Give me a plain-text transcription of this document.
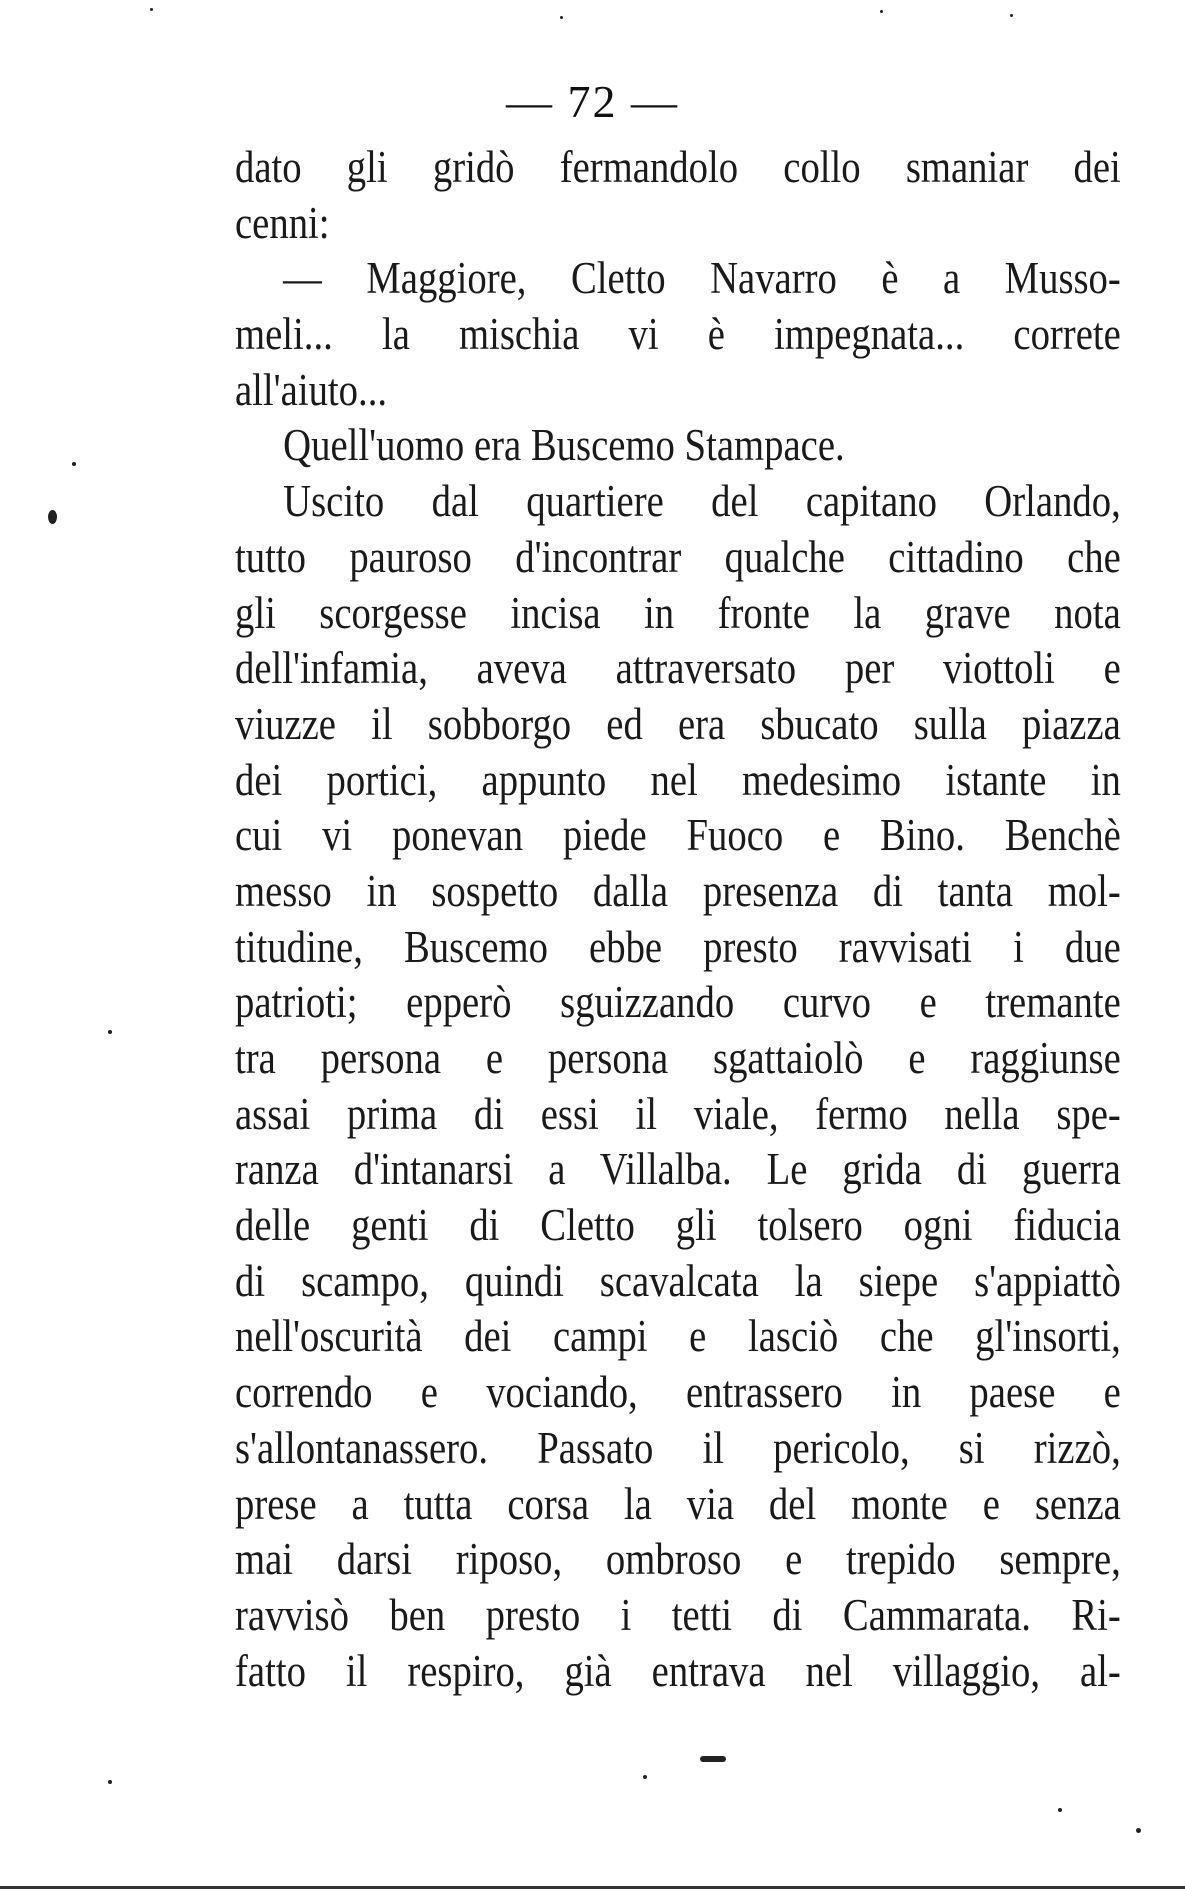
— 72 —
dato gli gridò fermandolo collo smaniar dei
cenni:
— Maggiore, Cletto Navarro è a Musso-
meli... la mischia vi è impegnata... correte
all'aiuto...
Quell'uomo era Buscemo Stampace.
Uscito dal quartiere del capitano Orlando,
tutto pauroso d'incontrar qualche cittadino che
gli scorgesse incisa in fronte la grave nota
dell'infamia, aveva attraversato per viottoli e
viuzze il sobborgo ed era sbucato sulla piazza
dei portici, appunto nel medesimo istante in
cui vi ponevan piede Fuoco e Bino. Benchè
messo in sospetto dalla presenza di tanta mol-
titudine, Buscemo ebbe presto ravvisati i due
patrioti; epperò sguizzando curvo e tremante
tra persona e persona sgattaiolò e raggiunse
assai prima di essi il viale, fermo nella spe-
ranza d'intanarsi a Villalba. Le grida di guerra
delle genti di Cletto gli tolsero ogni fiducia
di scampo, quindi scavalcata la siepe s'appiattò
nell'oscurità dei campi e lasciò che gl'insorti,
correndo e vociando, entrassero in paese e
s'allontanassero. Passato il pericolo, si rizzò,
prese a tutta corsa la via del monte e senza
mai darsi riposo, ombroso e trepido sempre,
ravvisò ben presto i tetti di Cammarata. Ri-
fatto il respiro, già entrava nel villaggio, al-
